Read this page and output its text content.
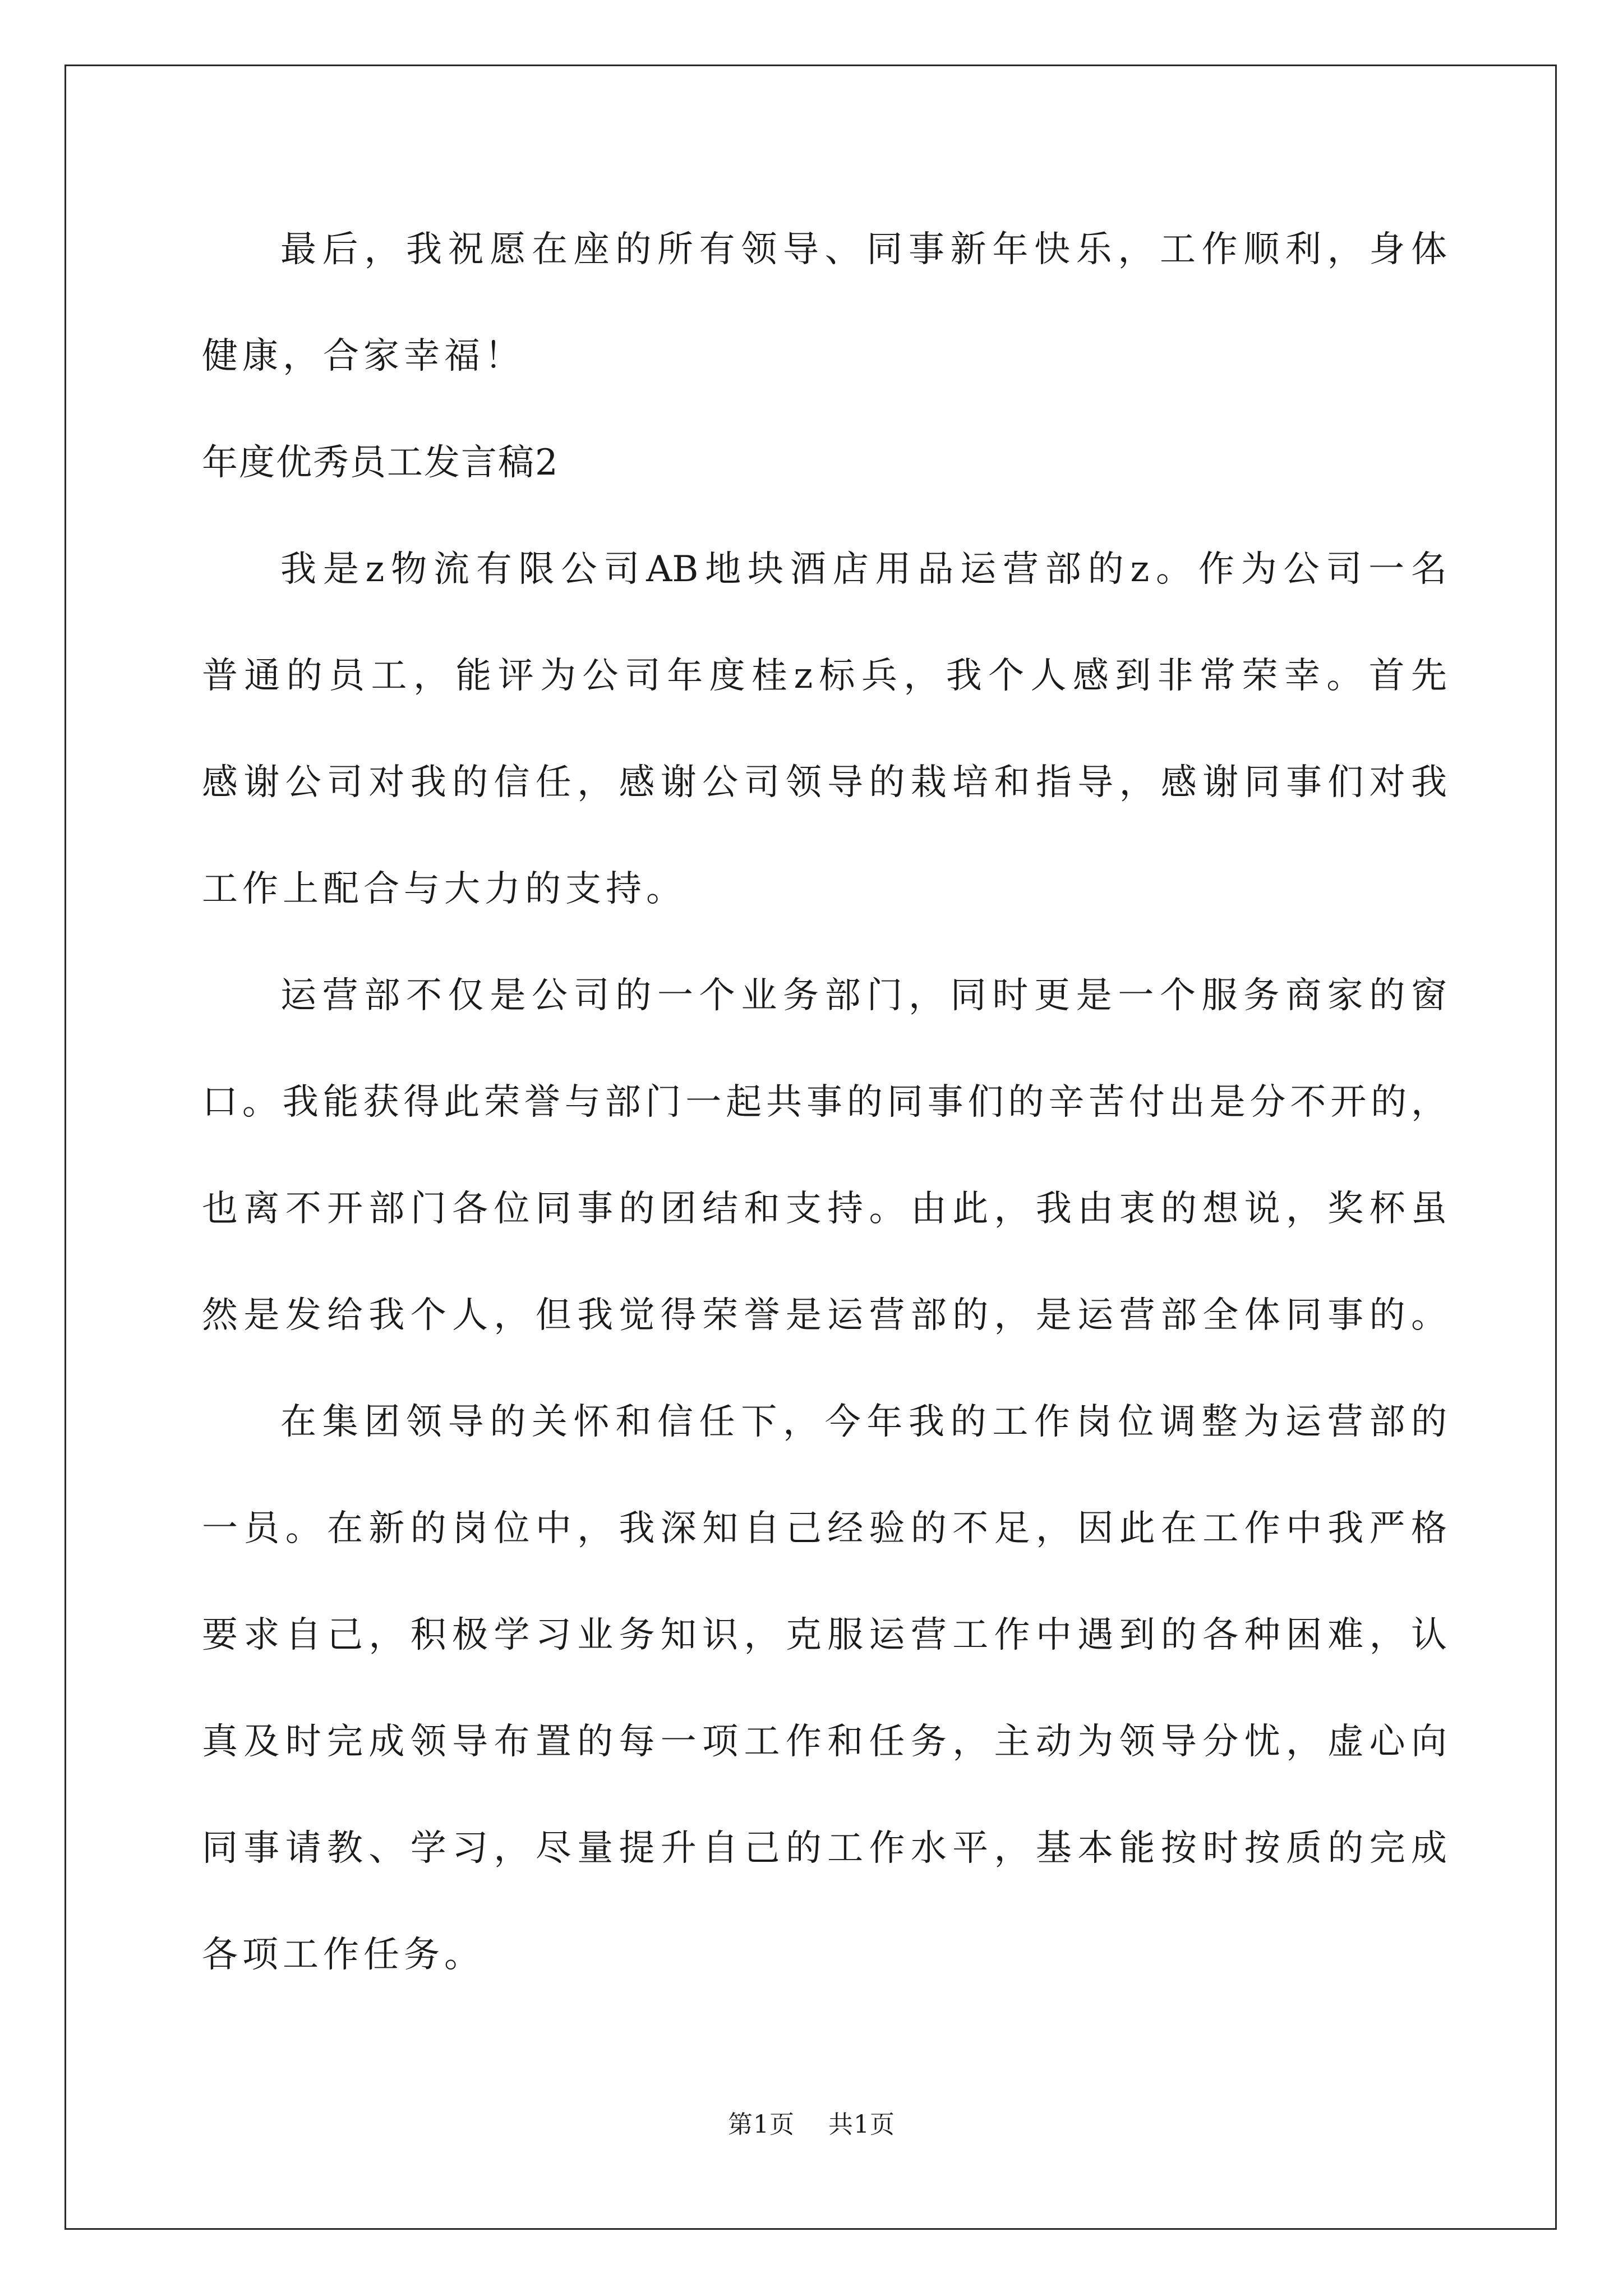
最后，我祝愿在座的所有领导、同事新年快乐，工作顺利，身体
健康，合家幸福！
年度优秀员工发言稿2
我是z物流有限公司AB地块酒店用品运营部的z。作为公司一名
普通的员工，能评为公司年度桂z标兵，我个人感到非常荣幸。首先
感谢公司对我的信任，感谢公司领导的栽培和指导，感谢同事们对我
工作上配合与大力的支持。
运营部不仅是公司的一个业务部门，同时更是一个服务商家的窗
口。我能获得此荣誉与部门一起共事的同事们的辛苦付出是分不开的，
也离不开部门各位同事的团结和支持。由此，我由衷的想说，奖杯虽
然是发给我个人，但我觉得荣誉是运营部的，是运营部全体同事的。
在集团领导的关怀和信任下，今年我的工作岗位调整为运营部的
一员。在新的岗位中，我深知自己经验的不足，因此在工作中我严格
要求自己，积极学习业务知识，克服运营工作中遇到的各种困难，认
真及时完成领导布置的每一项工作和任务，主动为领导分忧，虚心向
同事请教、学习，尽量提升自己的工作水平，基本能按时按质的完成
各项工作任务。
第1页 共1页
